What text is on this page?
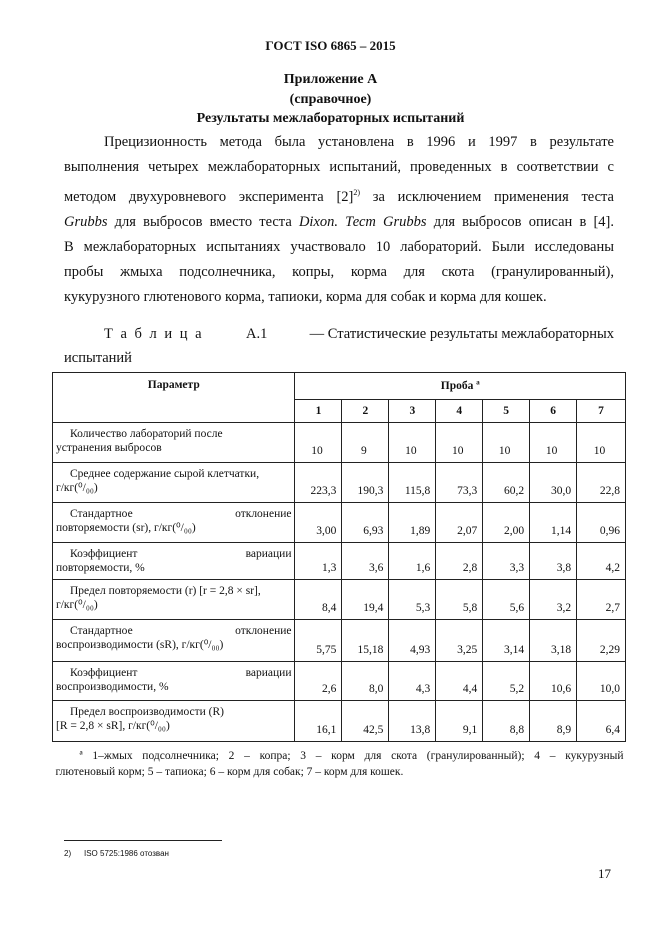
ГОСТ ISO 6865 – 2015
Приложение А
(справочное)
Результаты межлабораторных испытаний
Прецизионность метода была установлена в 1996 и 1997 в результате
выполнения четырех межлабораторных испытаний, проведенных в соответствии с
методом двухуровневого эксперимента $[2]^{2)}$ за исключением применения теста
Grubbs для выбросов вместо теста Dixon. Тест Grubbs для выбросов описан в [4].
В межлабораторных испытаниях участвовало 10 лабораторий. Были исследованы
пробы жмыха подсолнечника, копры, корма для скота (гранулированный),
кукурузного глютенового корма, тапиоки, корма для собак и корма для кошек.
Т а б л и ц а	А.1	— Статистические результаты межлабораторных
испытаний
Параметр	Проба ª						
	1	2	3	4	5	6	7

Количество лабораторий после
устранения выбросов	10	9	10	10	10	10	10

Среднее содержание сырой клетчатки,
г/кг(⁰/₀₀)	223,3	190,3	115,8	73,3	60,2	30,0	22,8

Стандартное отклонение
повторяемости (sr), г/кг(⁰/₀₀)	3,00	6,93	1,89	2,07	2,00	1,14	0,96

Коэффициент вариации
повторяемости, %	1,3	3,6	1,6	2,8	3,3	3,8	4,2

Предел повторяемости (r) [r = 2,8 × sr],
г/кг(⁰/₀₀)	8,4	19,4	5,3	5,8	5,6	3,2	2,7

Стандартное отклонение
воспроизводимости (sR), г/кг(⁰/₀₀)	5,75	15,18	4,93	3,25	3,14	3,18	2,29

Коэффициент вариации
воспроизводимости, %	2,6	8,0	4,3	4,4	5,2	10,6	10,0

Предел воспроизводимости (R)
[R = 2,8 × sR], г/кг(⁰/₀₀)	16,1	42,5	13,8	9,1	8,8	8,9	6,4

ª 1–жмых подсолнечника; 2 – копра; 3 – корм для скота (гранулированный); 4 – кукурузный
глютеновый корм; 5 – тапиока; 6 – корм для собак; 7 – корм для кошек.							
2) ISO 5725:1986 отозван
17
